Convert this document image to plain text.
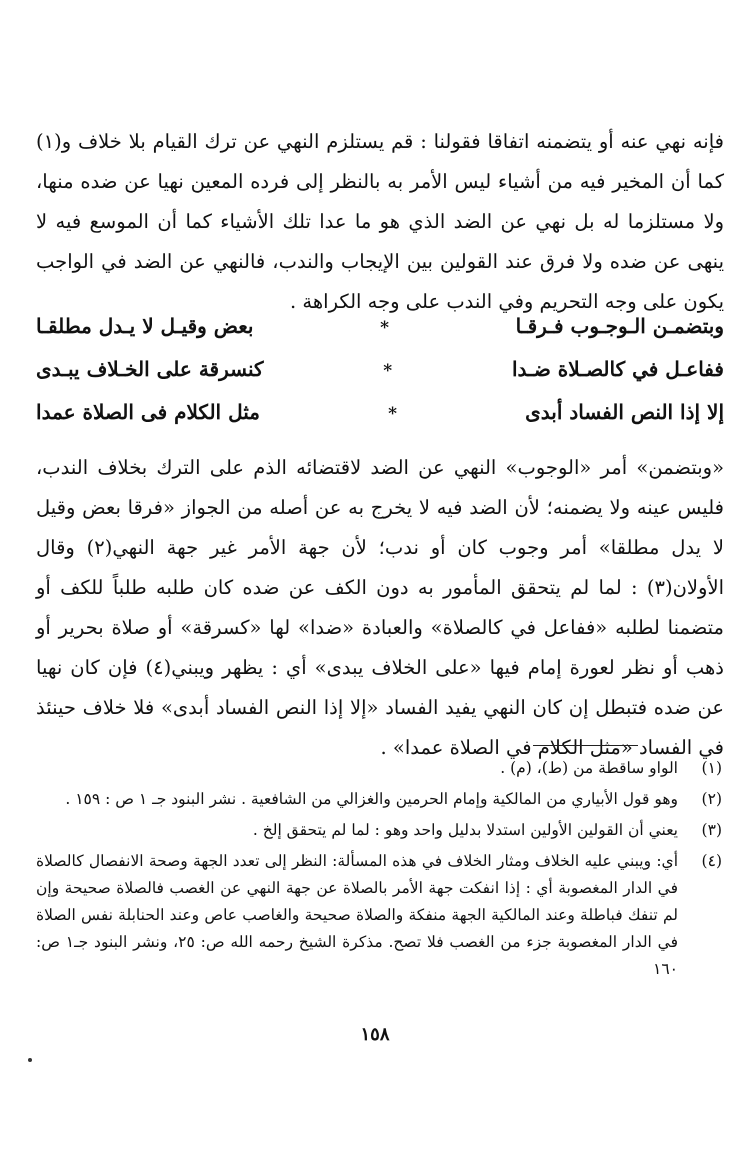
فإنه نهي عنه أو يتضمنه اتفاقا فقولنا : قم يستلزم النهي عن ترك القيام بلا خلاف و(١) كما أن المخير فيه من أشياء ليس الأمر به بالنظر إلى فرده المعين نهيا عن ضده منها، ولا مستلزما له بل نهي عن الضد الذي هو ما عدا تلك الأشياء كما أن الموسع فيه لا ينهى عن ضده ولا فرق عند القولين بين الإيجاب والندب، فالنهي عن الضد في الواجب يكون على وجه التحريم وفي الندب على وجه الكراهة .

وبتضمـن الـوجـوب فـرقـا
*
بعض وقيـل لا يـدل مطلقـا
ففاعـل في كالصـلاة ضـدا
*
كنسرقة على الخـلاف يبـدى
إلا إذا النص الفساد أبدى
*
مثل الكلام فى الصلاة عمدا

«وبتضمن» أمر «الوجوب» النهي عن الضد لاقتضائه الذم على الترك بخلاف الندب، فليس عينه ولا يضمنه؛ لأن الضد فيه لا يخرج به عن أصله من الجواز «فرقا بعض وقيل لا يدل مطلقا» أمر وجوب كان أو ندب؛ لأن جهة الأمر غير جهة النهي(٢) وقال الأولان(٣) : لما لم يتحقق المأمور به دون الكف عن ضده كان طلبه طلباً للكف أو متضمنا لطلبه «ففاعل في كالصلاة» والعبادة «ضدا» لها «كسرقة» أو صلاة بحرير أو ذهب أو نظر لعورة إمام فيها «على الخلاف يبدى» أي : يظهر ويبني(٤) فإن كان نهيا عن ضده فتبطل إن كان النهي يفيد الفساد «إلا إذا النص الفساد أبدى» فلا خلاف حينئذ في الفساد «مثل الكلام في الصلاة عمدا» .

(١)
الواو ساقطة من (ط)، (م) .
(٢)
وهو قول الأبياري من المالكية وإمام الحرمين والغزالي من الشافعية . نشر البنود جـ ١ ص : ١٥٩ .
(٣)
يعني أن القولين الأولين استدلا بدليل واحد وهو : لما لم يتحقق إلخ .
(٤)
أي: ويبني عليه الخلاف ومثار الخلاف في هذه المسألة: النظر إلى تعدد الجهة وصحة الانفصال كالصلاة في الدار المغصوبة أي : إذا انفكت جهة الأمر بالصلاة عن جهة النهي عن الغصب فالصلاة صحيحة وإن لم تنفك فباطلة وعند المالكية الجهة منفكة والصلاة صحيحة والغاصب عاص وعند الحنابلة نفس الصلاة في الدار المغصوبة جزء من الغصب فلا تصح. مذكرة الشيخ رحمه الله ص: ٢٥، ونشر البنود جـ١ ص: ١٦٠
١٥٨
